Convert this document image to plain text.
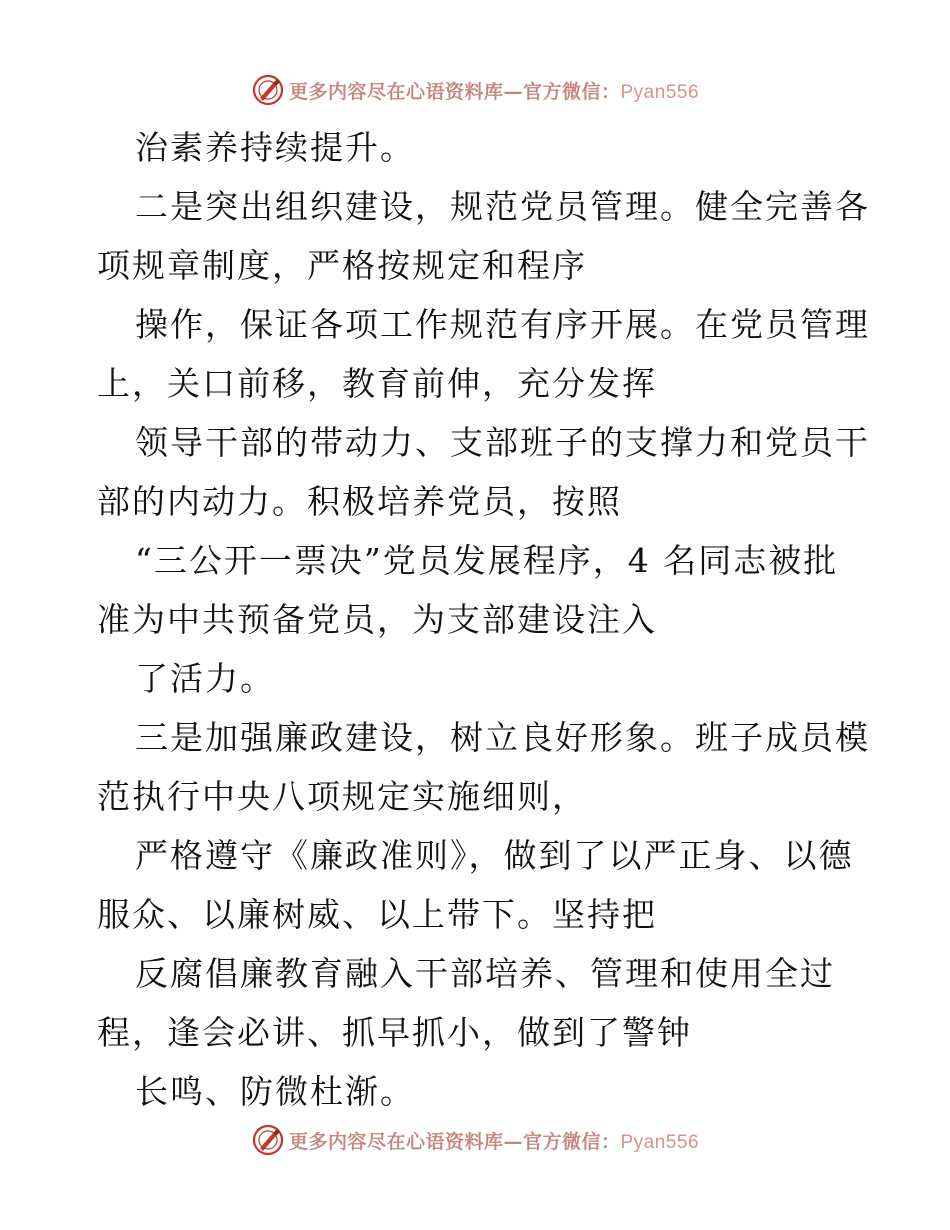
更多内容尽在心语资料库—官方微信：Pyan556
治素养持续提升。
二是突出组织建设，规范党员管理。健全完善各
项规章制度，严格按规定和程序
操作，保证各项工作规范有序开展。在党员管理
上，关口前移，教育前伸，充分发挥
领导干部的带动力、支部班子的支撑力和党员干
部的内动力。积极培养党员，按照
“三公开一票决”党员发展程序，4 名同志被批
准为中共预备党员，为支部建设注入
了活力。
三是加强廉政建设，树立良好形象。班子成员模
范执行中央八项规定实施细则，
严格遵守《廉政准则》，做到了以严正身、以德
服众、以廉树威、以上带下。坚持把
反腐倡廉教育融入干部培养、管理和使用全过
程，逢会必讲、抓早抓小，做到了警钟
长鸣、防微杜渐。
更多内容尽在心语资料库—官方微信：Pyan556
